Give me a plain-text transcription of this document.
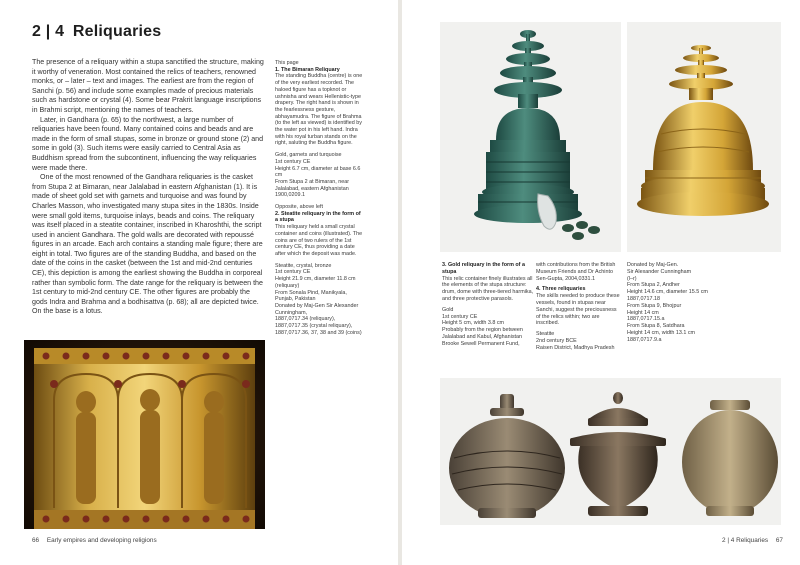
2 | 4 Reliquaries

The presence of a reliquary within a stupa sanctified the structure, making it worthy of veneration. Most contained the relics of teachers, renowned monks, or – later – text and images. The earliest are from the region of Sanchi (p. 56) and include some examples made of precious materials such as hardstone or crystal (4). Some bear Prakrit language inscriptions in Brahmi script, mentioning the names of teachers.

Later, in Gandhara (p. 65) to the northwest, a large number of reliquaries have been found. Many contained coins and beads and are made in the form of small stupas, some in bronze or ground stone (2) and some in gold (3). Such items were easily carried to Central Asia as Buddhism spread from the subcontinent, influencing the way reliquaries were made there.

One of the most renowned of the Gandhara reliquaries is the casket from Stupa 2 at Bimaran, near Jalalabad in eastern Afghanistan (1). It is made of sheet gold set with garnets and turquoise and was found by Charles Masson, who investigated many stupa sites in the 1830s. Inside were small gold items, turquoise inlays, beads and coins. The reliquary was itself placed in a steatite container, inscribed in Kharoshthi, the script used in ancient Gandhara. The gold walls are decorated with repoussé figures in an arcade. Each arch contains a standing male figure; there are eight in total. Two figures are of the standing Buddha, and based on the date of the coins in the casket (between the 1st and mid-2nd centuries CE), this depiction is among the earliest showing the Buddha in corporeal rather than symbolic form. The date range for the reliquary is between the 1st century to mid-2nd century CE. The other figures are probably the gods Indra and Brahma and a bodhisattva (p. 68); all are depicted twice. On the base is a lotus.

This page
1. The Bimaran Reliquary
The standing Buddha (centre) is one of the very earliest recorded. The haloed figure has a topknot or ushnisha and wears Hellenistic-type drapery. The right hand is shown in the fearlessness gesture, abhayamudra. The figure of Brahma (to the left as viewed) is identified by the water pot in his left hand. Indra with his royal turban stands on the right, saluting the Buddha figure.
Gold, garnets and turquoise
1st century CE
Height 6.7 cm, diameter at base 6.6 cm
From Stupa 2 at Bimaran, near Jalalabad, eastern Afghanistan
1900,0209.1
Opposite, above left
2. Steatite reliquary in the form of a stupa
This reliquary held a small crystal container and coins (illustrated). The coins are of two rulers of the 1st century CE, thus providing a date after which the deposit was made.
Steatite, crystal, bronze
1st century CE
Height 21.9 cm, diameter 11.8 cm (reliquary)
From Sonala Pind, Manikyala, Punjab, Pakistan
Donated by Maj-Gen Sir Alexander Cunningham,
1887,0717.34 (reliquary),
1887,0717.35 (crystal reliquary),
1887,0717.36, 37, 38 and 39 (coins)
66 Early empires and developing religions
3. Gold reliquary in the form of a stupa
This relic container finely illustrates all the elements of the stupa structure: drum, dome with three-tiered harmika, and three protective parasols.
Gold
1st century CE
Height 5 cm, width 3.8 cm
Probably from the region between Jalalabad and Kabul, Afghanistan
Brooke Sewell Permanent Fund,
with contributions from the British Museum Friends and Dr Achinto Sen-Gupta, 2004,0331.1
4. Three reliquaries
The skills needed to produce these vessels, found in stupas near Sanchi, suggest the preciousness of the relics within; two are inscribed.
Steatite
2nd century BCE
Raisen District, Madhya Pradesh
Donated by Maj-Gen.
Sir Alexander Cunningham
(l–r)
From Stupa 2, Andher
Height 14.6 cm, diameter 15.5 cm
1887,0717.18
From Stupa 9, Bhojpur
Height 14 cm
1887,0717.15.a
From Stupa 8, Satdhara
Height 14 cm, width 13.1 cm
1887,0717.9.a
2 | 4 Reliquaries 67
